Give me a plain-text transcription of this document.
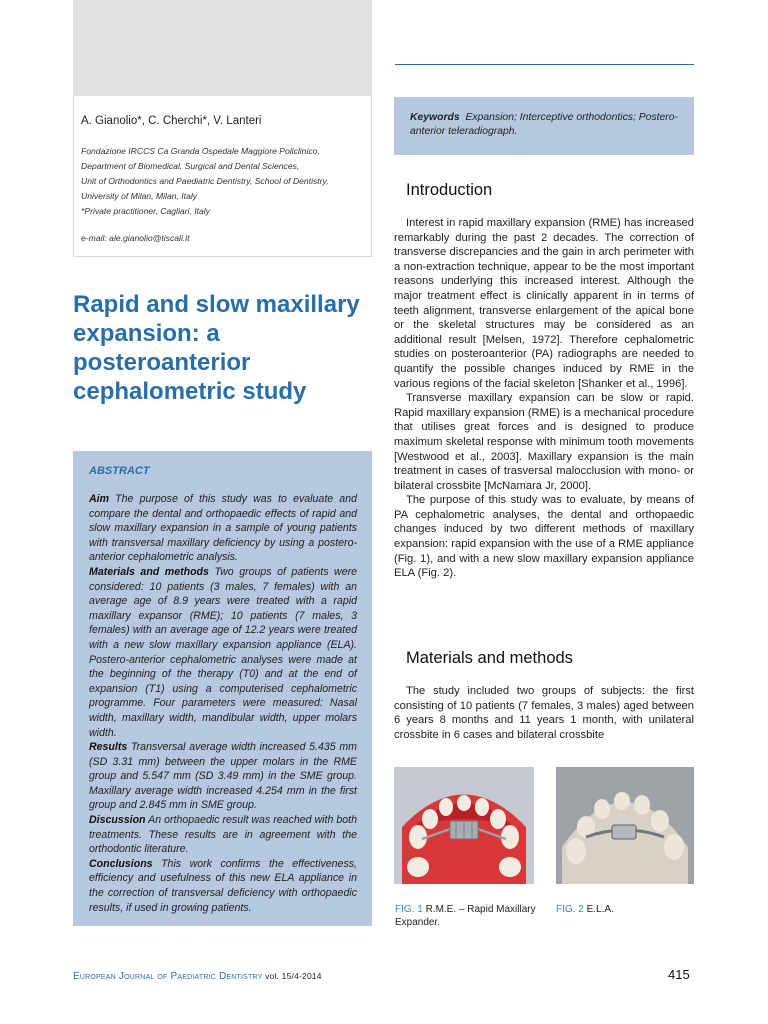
A. Gianolio*, C. Cherchi*, V. Lanteri
Fondazione IRCCS Ca Granda Ospedale Maggiore Policlinico,
Department of Biomedical, Surgical and Dental Sciences,
Unit of Orthodontics and Paediatric Dentistry, School of Dentistry,
University of Milan, Milan, Italy
*Private practitioner, Cagliari, Italy
e-mail: ale.gianolio@tiscali.it
Rapid and slow maxillary expansion: a posteroanterior cephalometric study
ABSTRACT
Aim The purpose of this study was to evaluate and compare the dental and orthopaedic effects of rapid and slow maxillary expansion in a sample of young patients with transversal maxillary deficiency by using a postero-anterior cephalometric analysis.
Materials and methods Two groups of patients were considered: 10 patients (3 males, 7 females) with an average age of 8.9 years were treated with a rapid maxillary expansor (RME); 10 patients (7 males, 3 females) with an average age of 12.2 years were treated with a new slow maxillary expansion appliance (ELA). Postero-anterior cephalometric analyses were made at the beginning of the therapy (T0) and at the end of expansion (T1) using a computerised cephalometric programme. Four parameters were measured: Nasal width, maxillary width, mandibular width, upper molars width.
Results Transversal average width increased 5.435 mm (SD 3.31 mm) between the upper molars in the RME group and 5.547 mm (SD 3.49 mm) in the SME group. Maxillary average width increased 4.254 mm in the first group and 2.845 mm in SME group.
Discussion An orthopaedic result was reached with both treatments. These results are in agreement with the orthodontic literature.
Conclusions This work confirms the effectiveness, efficiency and usefulness of this new ELA appliance in the correction of transversal deficiency with orthopaedic results, if used in growing patients.
Keywords Expansion; Interceptive orthodontics; Postero-anterior teleradiograph.
Introduction

Interest in rapid maxillary expansion (RME) has increased remarkably during the past 2 decades. The correction of transverse discrepancies and the gain in arch perimeter with a non-extraction technique, appear to be the most important reasons underlying this increased interest. Although the major treatment effect is clinically apparent in in terms of teeth alignment, transverse enlargement of the apical bone or the skeletal structures may be considered as an additional result [Melsen, 1972]. Therefore cephalometric studies on posteroanterior (PA) radiographs are needed to quantify the possible changes induced by RME in the various regions of the facial skeleton [Shanker et al., 1996].

Transverse maxillary expansion can be slow or rapid. Rapid maxillary expansion (RME) is a mechanical procedure that utilises great forces and is designed to produce maximum skeletal response with minimum tooth movements [Westwood et al., 2003]. Maxillary expansion is the main treatment in cases of trasversal malocclusion with mono- or bilateral crossbite [McNamara Jr, 2000].

The purpose of this study was to evaluate, by means of PA cephalometric analyses, the dental and orthopaedic changes induced by two different methods of maxillary expansion: rapid expansion with the use of a RME appliance (Fig. 1), and with a new slow maxillary expansion appliance ELA (Fig. 2).

Materials and methods

The study included two groups of subjects: the first consisting of 10 patients (7 females, 3 males) aged between 6 years 8 months and 11 years 1 month, with unilateral crossbite in 6 cases and bilateral crossbite

FIG. 1 R.M.E. – Rapid Maxillary Expander.
FIG. 2 E.L.A.
European Journal of Paediatric Dentistry vol. 15/4-2014	415
